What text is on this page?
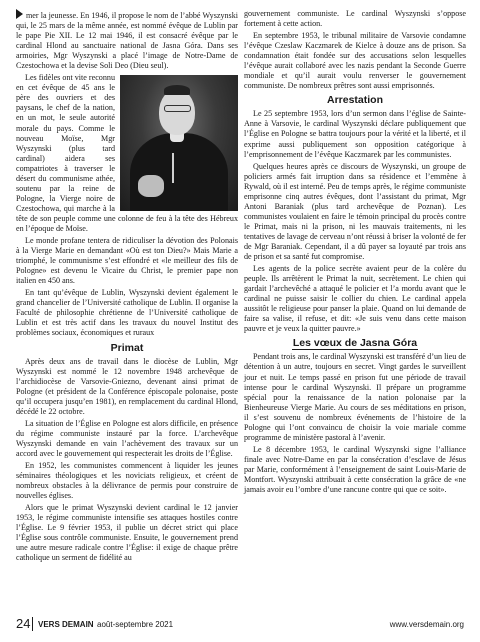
mer la jeunesse. En 1946, il propose le nom de l’abbé Wyszynski qui, le 25 mars de la même année, est nommé évêque de Lublin par le pape Pie XII. Le 12 mai 1946, il est consacré évêque par le cardinal Hlond au sanctuaire national de Jasna Góra. Dans ses armoiries, Mgr Wyszynski a placé l’image de Notre-Dame de Czestochowa et la devise Soli Deo (Dieu seul).

Les fidèles ont vite reconnu en cet évêque de 45 ans le père des ouvriers et des paysans, le chef de la nation, en un mot, le seule autorité morale du pays. Comme le nouveau Moïse, Mgr Wyszynski (plus tard cardinal) aidera ses compatriotes à traverser le désert du communisme athée, soutenu par la reine de Pologne, la Vierge noire de Czestochowa, qui marche à la tête de son peuple comme une colonne de feu à la tête des Hébreux en l’époque de Moïse.

Le monde profane tentera de ridiculiser la dévotion des Polonais à la Vierge Marie en demandant «Où est ton Dieu?» Mais Marie a triomphé, le communisme s’est effondré et «le meilleur des fils de Pologne» est devenu le Vicaire du Christ, le premier pape non italien en 450 ans.

En tant qu’évêque de Lublin, Wyszynski devient également le grand chancelier de l’Université catholique de Lublin. Il organise la Faculté de philosophie chrétienne de l’Université catholique de Lublin et est très actif dans les travaux du nouvel Institut des problèmes sociaux, économiques et ruraux

Primat

Après deux ans de travail dans le diocèse de Lublin, Mgr Wyszynski est nommé le 12 novembre 1948 archevêque de l’archidiocèse de Varsovie-Gniezno, devenant ainsi primat de Pologne (et président de la Conférence épiscopale polonaise, poste qu’il occupera jusqu’en 1981), en remplacement du cardinal Hlond, décédé le 22 octobre.

La situation de l’Église en Pologne est alors difficile, en présence du régime communiste instauré par la force. L’archevêque Wyszynski demande en vain l’achèvement des travaux sur un accord avec le gouvernement qui respecterait les droits de l’Église.

En 1952, les communistes commencent à liquider les jeunes séminaires théologiques et les noviciats religieux, et créent de nombreux obstacles à la délivrance de permis pour construire de nouvelles églises.

Alors que le primat Wyszynski devient cardinal le 12 janvier 1953, le régime communiste intensifie ses attaques hostiles contre l’Église. Le 9 février 1953, il publie un décret strict qui place l’Église sous contrôle communiste. Ensuite, le gouvernement prend une autre mesure radicale contre l’Église: il exige de chaque prêtre catholique un serment de fidélité au

gouvernement communiste. Le cardinal Wyszynski s’oppose fortement à cette action.

En septembre 1953, le tribunal militaire de Varsovie condamne l’évêque Czeslaw Kaczmarek de Kielce à douze ans de prison. Sa condamnation était fondée sur des accusations selon lesquelles l’évêque aurait collaboré avec les nazis pendant la Seconde Guerre mondiale et qu’il aurait voulu renverser le gouvernement communiste. De nombreux prêtres sont aussi emprisonnés.

Arrestation

Le 25 septembre 1953, lors d’un sermon dans l’église de Sainte-Anne à Varsovie, le cardinal Wyszynski déclare publiquement que l’Église en Pologne se battra toujours pour la vérité et la liberté, et il exprime aussi publiquement son opposition catégorique à l’emprisonnement de l’évêque Kaczmarek par les communistes.

Quelques heures après ce discours de Wyszynski, un groupe de policiers armés fait irruption dans sa résidence et l’emmène à Rywald, où il est interné. Peu de temps après, le régime communiste emprisonne cinq autres évêques, dont l’assistant du primat, Mgr Antoni Baraniak (plus tard archevêque de Poznan). Les communistes voulaient en faire le témoin principal du procès contre le Primat, mais ni la prison, ni les mauvais traitements, ni les tentatives de lavage de cerveau n’ont réussi à briser la volonté de fer de Mgr Baraniak. Cependant, il a dû payer sa loyauté par trois ans de prison et sa santé fut compromise.

Les agents de la police secrète avaient peur de la colère du peuple. Ils arrêtèrent le Primat la nuit, secrètement. Le chien qui gardait l’archevêché a attaqué le policier et l’a mordu avant que le cardinal ne puisse saisir le collier du chien. Le cardinal appela aussitôt le religieuse pour panser la plaie. Quand on lui demande de faire sa valise, il refuse, et dit: «Je suis venu dans cette maison pauvre et je veux la quitter pauvre.»

Les vœux de Jasna Góra

Pendant trois ans, le cardinal Wyszynski est transféré d’un lieu de détention à un autre, toujours en secret. Vingt gardes le surveillent jour et nuit. Le temps passé en prison fut une période de travail intense pour le cardinal Wyszynski. Il prépare un programme spécial pour la renaissance de la nation polonaise par la Bienheureuse Vierge Marie. Au cours de ses méditations en prison, il s’est souvenu de nombreux événements de l’histoire de la Pologne qui l’ont convaincu de choisir la voie mariale comme programme de ministère pastoral à l’avenir.

Le 8 décembre 1953, le cardinal Wyszynski signe l’alliance finale avec Notre-Dame en par la consécration d’esclave de Jésus par Marie, conformément à l’enseignement de saint Louis-Marie de Montfort. Wyszynski attribuait à cette consécration la grâce de «ne jamais avoir eu l’ombre d’une rancune contre qui que ce soit».

24 VERS DEMAIN août-septembre 2021	www.versdemain.org
